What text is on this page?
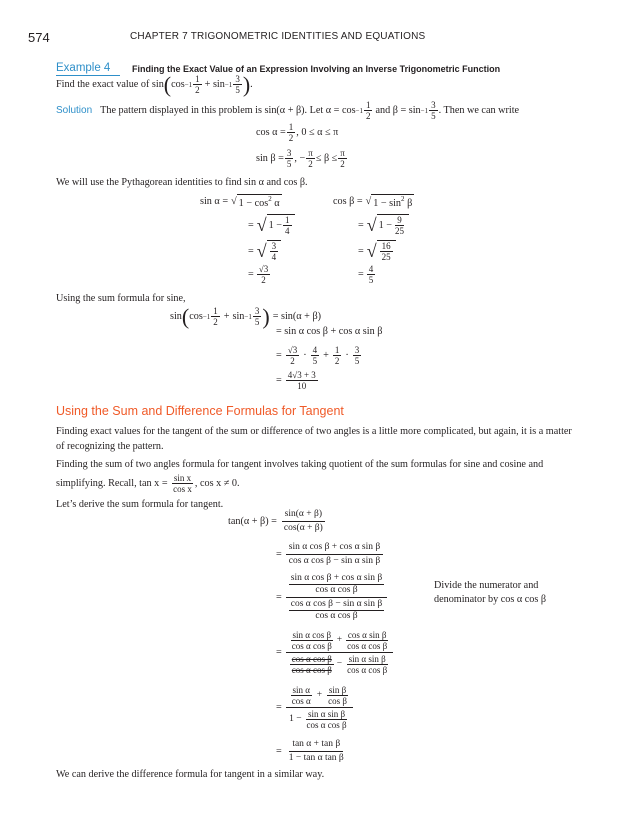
574	CHAPTER 7 TRIGONOMETRIC IDENTITIES AND EQUATIONS
Example 4	Finding the Exact Value of an Expression Involving an Inverse Trigonometric Function
Find the exact value of sin ( $\cos -1 \frac{1}{2} + \sin -1 \frac{3}{5}$ ) .
Solution The pattern displayed in this problem is sin(α + β). Let $\alpha = \cos -1 \frac{1}{2}$ and $\beta = \sin -1 \frac{3}{5}$ . Then we can write
$\cos \alpha = \frac{1}{2}$ , 0 ≤ α ≤ π
$\sin \beta = \frac{3}{5}$ , − $\frac{\pi}{2} \le \beta \le \frac{\pi}{2}$
We will use the Pythagorean identities to find sin α and cos β.
sin α = √ $1 - \cos^2 \alpha$
= √ $1 - \frac{1}{4}$
= √ $\frac{3}{4}$
= $\frac{√3}{2}$
cos β = √ $1 - \sin^2 \beta$
= √ $1 - \frac{9}{25}$
= √ $\frac{16}{25}$
= $\frac{4}{5}$
Using the sum formula for sine,
sin ( $\cos -1 \frac{1}{2} + \sin -1 \frac{3}{5}$ ) = sin(α + β)
= sin α cos β + cos α sin β
= $\frac{√3}{2} \cdot \frac{4}{5} + \frac{1}{2} \cdot \frac{3}{5}$
= $\frac{4√3 + 3}{10}$
Using the Sum and Difference Formulas for Tangent
Finding exact values for the tangent of the sum or difference of two angles is a little more complicated, but again, it is a matter of recognizing the pattern.
Finding the sum of two angles formula for tangent involves taking quotient of the sum formulas for sine and cosine and simplifying. Recall, $\tan x = \frac{\text{sin x}}{\text{cos x}}$ , cos x ≠ 0.
Let’s derive the sum formula for tangent.
$\tan(\alpha + \beta) = \frac{\sin(\alpha + \beta)}{\cos(\alpha + \beta)}$
= $\frac{\text{sin α cos β + cos α sin β}}{\text{cos α cos β − sin α sin β}}$
= sin α cos β + cos α sin β
cos α cos β
cos α cos β − sin α sin β
cos α cos β	Divide the numerator and
denominator by cos α cos β
= $\frac{\frac{\text{sin α cos β}}{\text{cos α cos β}} + \frac{\text{cos α sin β}}{\text{cos α cos β}}}{\frac{\text{cos α cos β}}{\text{cos α cos β}} - \frac{\text{sin α sin β}}{\text{cos α cos β}}}$
= $\frac{\frac{\text{sin α}}{\text{cos α}} + \frac{\text{sin β}}{\text{cos β}}}{1 - \frac{\text{sin α sin β}}{\text{cos α cos β}}}$
= $\frac{\text{tan α + tan β}}{\text{1 − tan α tan β}}$
We can derive the difference formula for tangent in a similar way.
